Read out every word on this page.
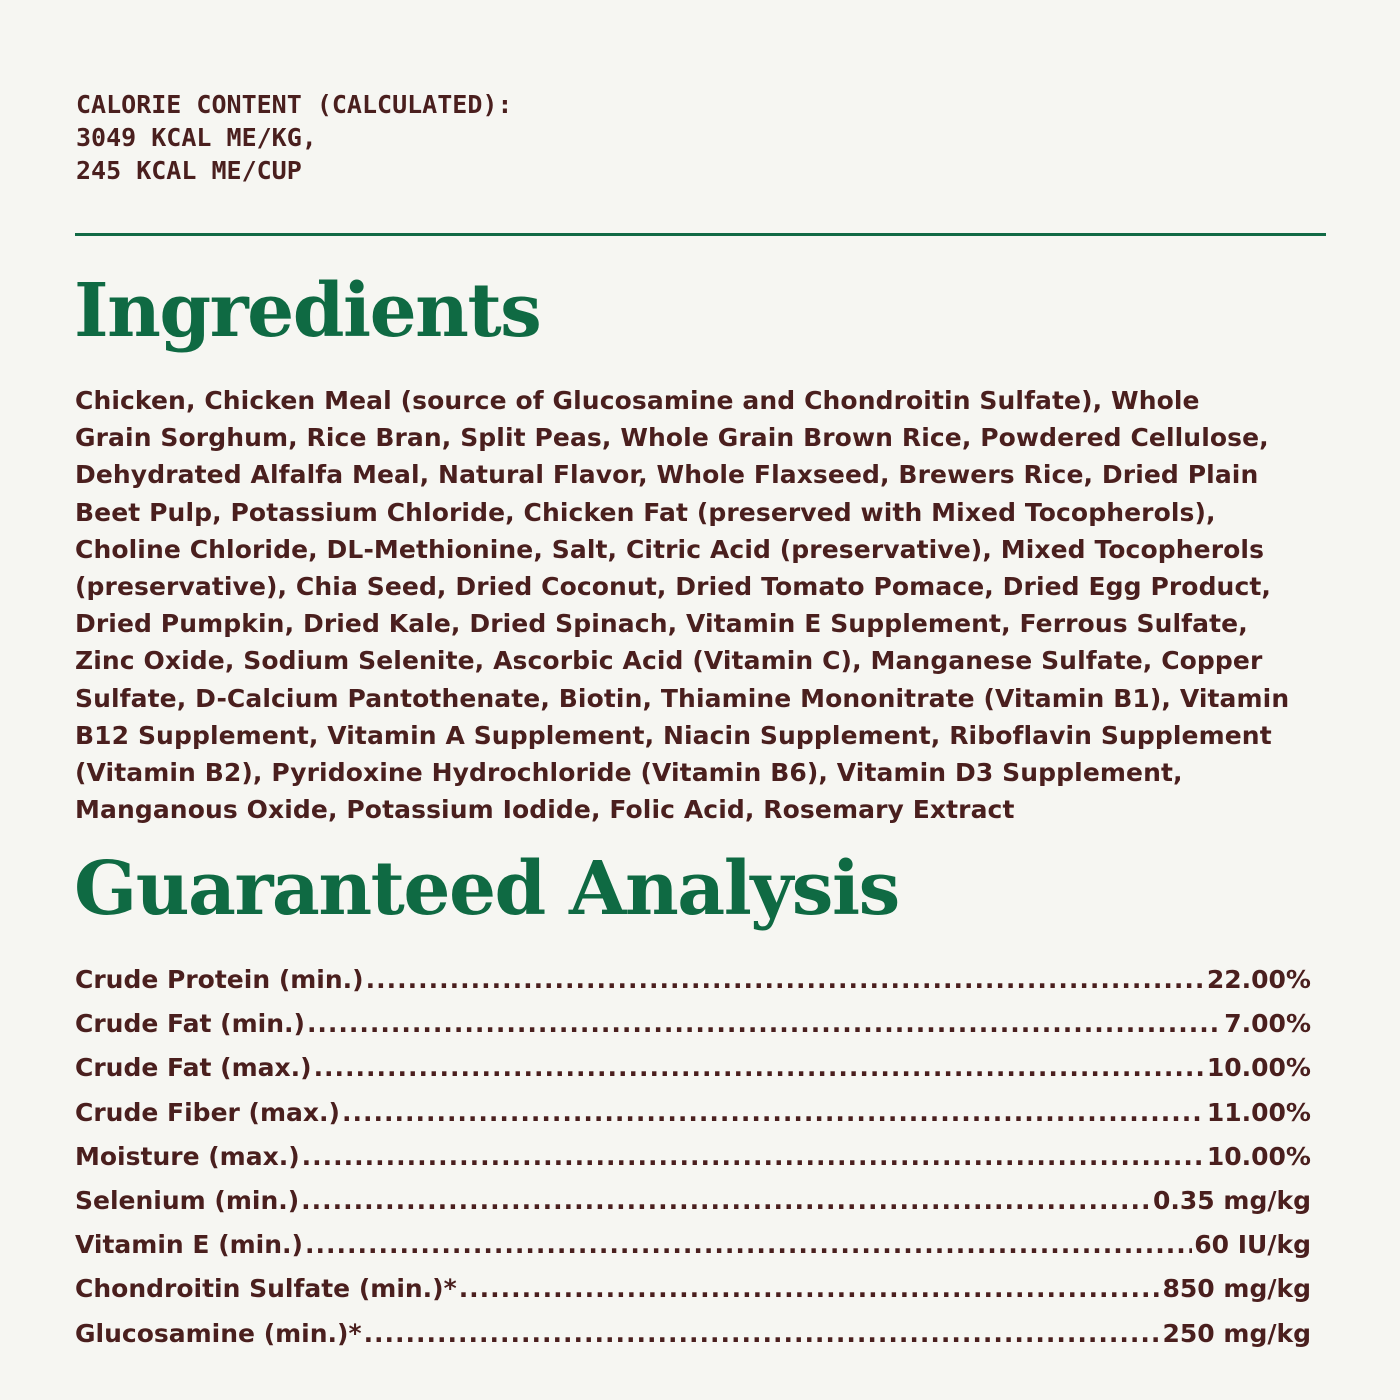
CALORIE CONTENT (CALCULATED):
3049 KCAL ME/KG,
245 KCAL ME/CUP
Ingredients
Chicken, Chicken Meal (source of Glucosamine and Chondroitin Sulfate), Whole
Grain Sorghum, Rice Bran, Split Peas, Whole Grain Brown Rice, Powdered Cellulose,
Dehydrated Alfalfa Meal, Natural Flavor, Whole Flaxseed, Brewers Rice, Dried Plain
Beet Pulp, Potassium Chloride, Chicken Fat (preserved with Mixed Tocopherols),
Choline Chloride, DL-Methionine, Salt, Citric Acid (preservative), Mixed Tocopherols
(preservative), Chia Seed, Dried Coconut, Dried Tomato Pomace, Dried Egg Product,
Dried Pumpkin, Dried Kale, Dried Spinach, Vitamin E Supplement, Ferrous Sulfate,
Zinc Oxide, Sodium Selenite, Ascorbic Acid (Vitamin C), Manganese Sulfate, Copper
Sulfate, D-Calcium Pantothenate, Biotin, Thiamine Mononitrate (Vitamin B1), Vitamin
B12 Supplement, Vitamin A Supplement, Niacin Supplement, Riboflavin Supplement
(Vitamin B2), Pyridoxine Hydrochloride (Vitamin B6), Vitamin D3 Supplement,
Manganous Oxide, Potassium Iodide, Folic Acid, Rosemary Extract
Guaranteed Analysis
Crude Protein (min.) .....	22.00%
Crude Fat (min.) .....	7.00%
Crude Fat (max.) .....	10.00%
Crude Fiber (max.) .....	11.00%
Moisture (max.) .....	10.00%
Selenium (min.) .....	0.35 mg/kg
Vitamin E (min.) .....	60 IU/kg
Chondroitin Sulfate (min.)* .....	850 mg/kg
Glucosamine (min.)* .....	250 mg/kg
